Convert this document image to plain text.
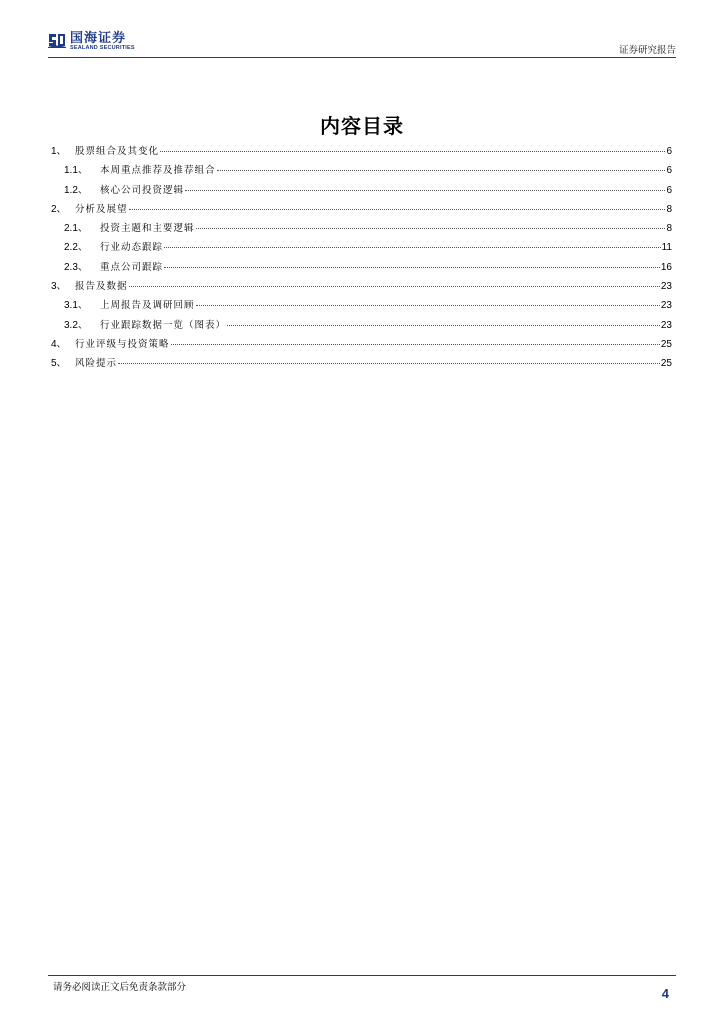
国海证券
SEALAND SECURITIES	证券研究报告
内容目录
1、 股票组合及其变化	6
1.1、	本周重点推荐及推荐组合	6
1.2、	核心公司投资逻辑	6
2、 分析及展望	8
2.1、	投资主题和主要逻辑	8
2.2、	行业动态跟踪	11
2.3、	重点公司跟踪	16
3、 报告及数据	23
3.1、	上周报告及调研回顾	23
3.2、	行业跟踪数据一览（图表）	23
4、 行业评级与投资策略	25
5、 风险提示	25
请务必阅读正文后免责条款部分	4
